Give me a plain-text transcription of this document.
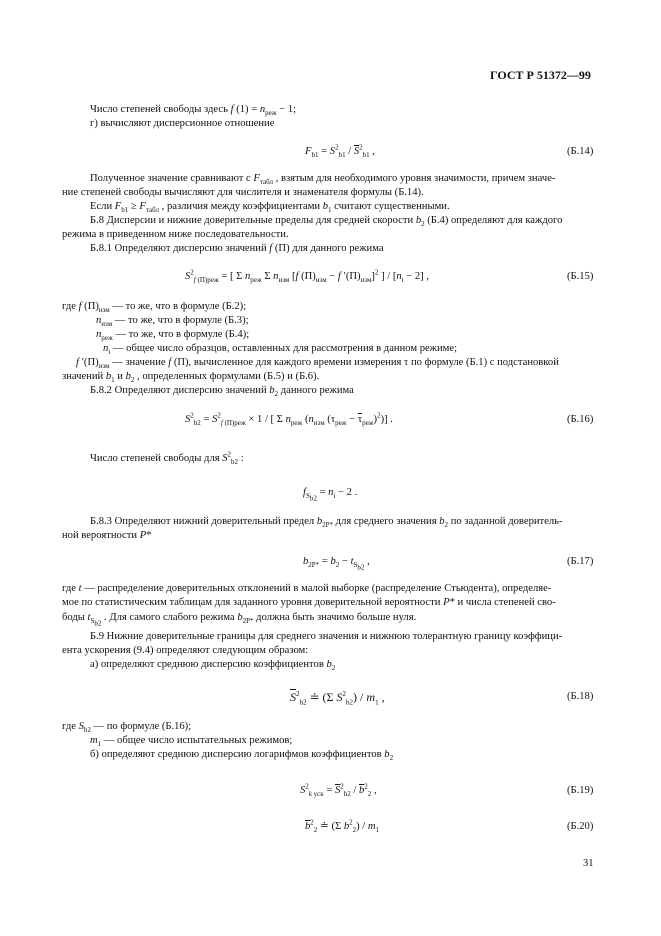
ГОСТ Р 51372—99
Число степеней свободы здесь f $(1) = n_{реж} - 1$;
г) вычисляют дисперсионное отношение
$F_{b1} = S^2_{b1} / \overline{S}^2_{b1}$ ,	(Б.14)
Полученное значение сравнивают с $F_{табл}$ , взятым для необходимого уровня значимости, причем значе-
ние степеней свободы вычисляют для числителя и знаменателя формулы (Б.14).
Если $F_{b1} \ge F_{табл}$ , различия между коэффициентами $b_1$ считают существенными.
Б.8 Дисперсии и нижние доверительные пределы для средней скорости $b_2$ (Б.4) определяют для каждого
режима в приведенном ниже последовательности.
Б.8.1 Определяют дисперсию значений f (П) для данного режима
$S^2_{f (П)реж}$ = [ Σ $n_{реж}$ Σ $n_{изм}$ [f $(П)_{изм} - f$ $'(П)_{изм}]^2$ ] / $[n_i - 2]$ ,	(Б.15)
где f $(П)_{изм}$ — то же, что в формуле (Б.2);
$n_{изм}$ — то же, что в формуле (Б.3);
$n_{реж}$ — то же, что в формуле (Б.4);
$n_i$ — общее число образцов, оставленных для рассмотрения в данном режиме;
f $'(П)_{изм}$ — значение f (П), вычисленное для каждого времени измерения τ по формуле (Б.1) с подстановкой
значений $b_1$ и $b_2$ , определенных формулами (Б.5) и (Б.6).
Б.8.2 Определяют дисперсию значений $b_2$ данного режима
$S^2_{b2} = S^2_{f (П)реж} \times 1$ / [ Σ $n_{реж}$ ($n_{изм}$ $(\tau_{реж} - \overline{\tau}_{реж})^2$)] .	(Б.16)
Число степеней свободы для $S^2_{b2}$ :
$f_{S_{b2}} = n_i - 2$ .
Б.8.3 Определяют нижний доверительный предел $b_{2P*}$ для среднего значения $b_2$ по заданной доверитель-
ной вероятности P*
$b_{2P*} = b_2 - t_{S_{b2}}$ ,	(Б.17)
где t — распределение доверительных отклонений в малой выборке (распределение Стьюдента), определяе-
мое по статистическим таблицам для заданного уровня доверительной вероятности P* и числа степеней сво-
боды $t_{S_{b2}}$ . Для самого слабого режима $b_{2P*}$ должна быть значимо больше нуля.
Б.9 Нижние доверительные границы для среднего значения и нижнюю толерантную границу коэффици-
ента ускорения (9.4) определяют следующим образом:
а) определяют среднюю дисперсию коэффициентов $b_2$
$\overline{S}^2_{b2}$ ≐ (Σ $S^2_{b2}) / m_1$ ,	(Б.18)
где $S_{b2}$ — по формуле (Б.16);
$m_1$ — общее число испытательных режимов;
б) определяют среднюю дисперсию логарифмов коэффициентов $b_2$
$S^2_{k уск} = \overline{S}^2_{b2} / \overline{b}^2_2$ ,	(Б.19)
$\overline{b}^2_2$ ≐ (Σ $b^2_2) / m_1$	(Б.20)
31
